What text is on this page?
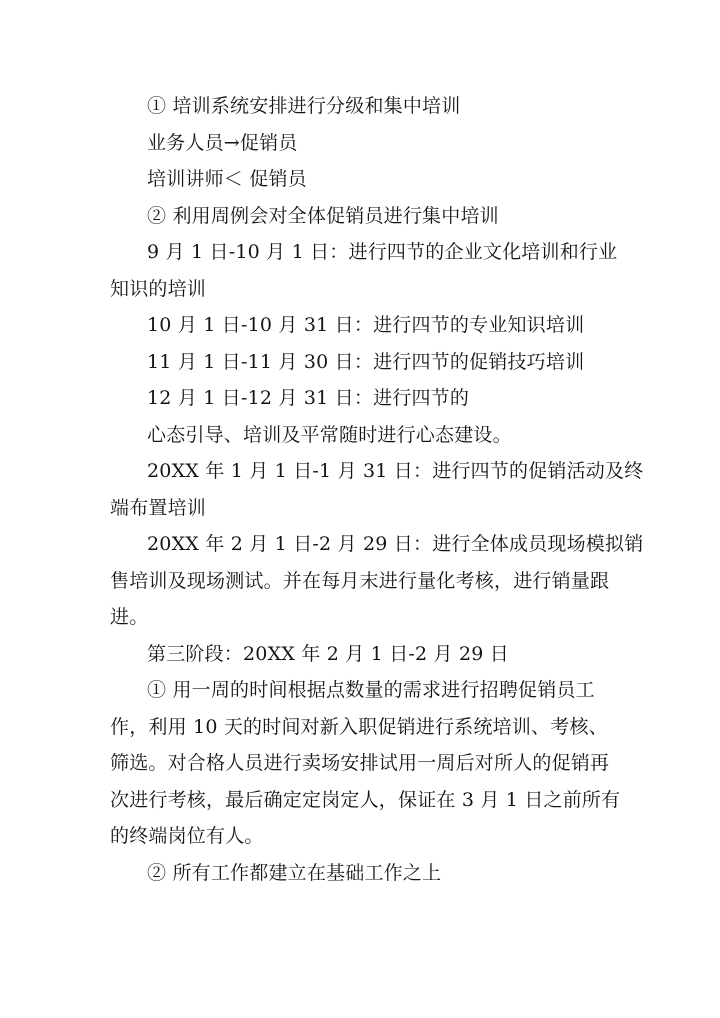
① 培训系统安排进行分级和集中培训
业务人员→促销员
培训讲师＜ 促销员
② 利用周例会对全体促销员进行集中培训
9 月 1 日-10 月 1 日：进行四节的企业文化培训和行业
知识的培训
10 月 1 日-10 月 31 日：进行四节的专业知识培训
11 月 1 日-11 月 30 日：进行四节的促销技巧培训
12 月 1 日-12 月 31 日：进行四节的
心态引导、培训及平常随时进行心态建设。
20XX 年 1 月 1 日-1 月 31 日：进行四节的促销活动及终
端布置培训
20XX 年 2 月 1 日-2 月 29 日：进行全体成员现场模拟销
售培训及现场测试。并在每月末进行量化考核，进行销量跟
进。
第三阶段：20XX 年 2 月 1 日-2 月 29 日
① 用一周的时间根据点数量的需求进行招聘促销员工
作，利用 10 天的时间对新入职促销进行系统培训、考核、
筛选。对合格人员进行卖场安排试用一周后对所人的促销再
次进行考核，最后确定定岗定人，保证在 3 月 1 日之前所有
的终端岗位有人。
② 所有工作都建立在基础工作之上
